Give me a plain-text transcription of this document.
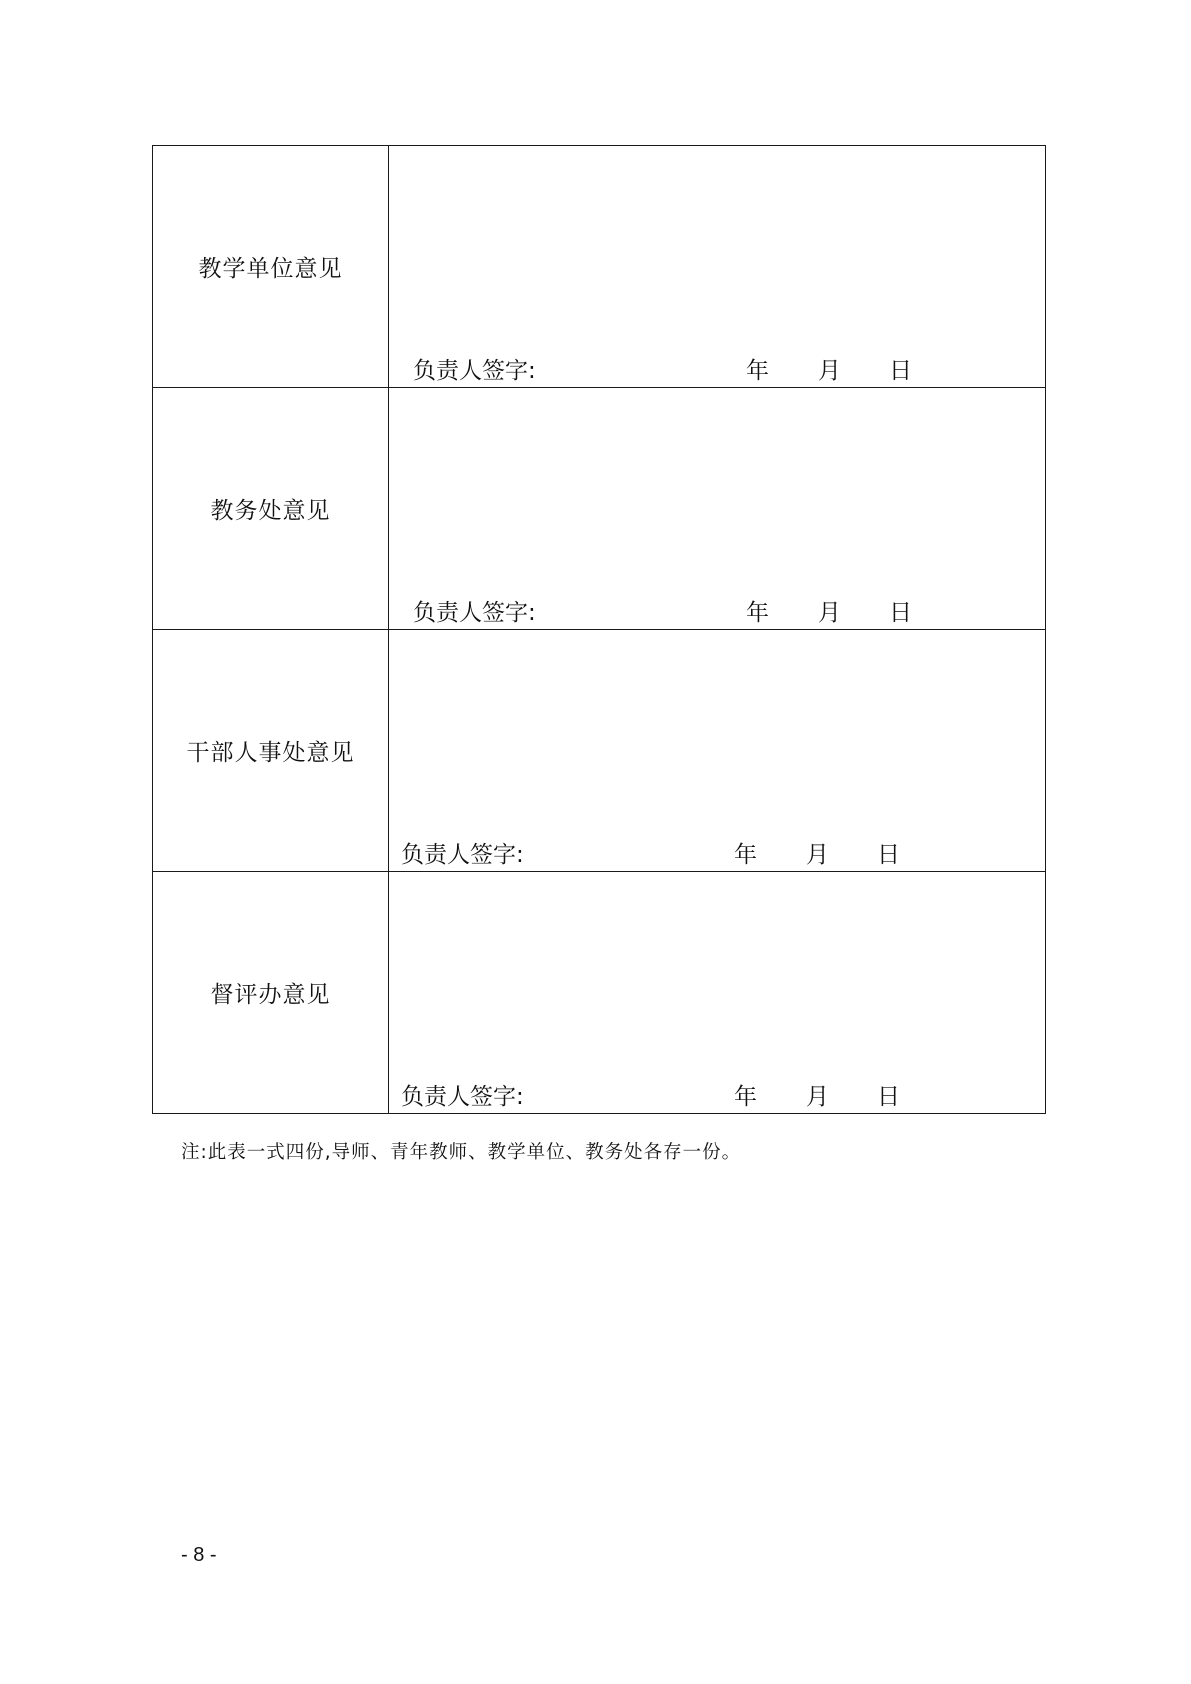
教学单位意见	负责人签字: 年 月 日

教务处意见	负责人签字: 年 月 日

干部人事处意见	负责人签字: 年 月 日

督评办意见	负责人签字: 年 月 日
注:此表一式四份,导师、青年教师、教学单位、教务处各存一份。
- 8 -
